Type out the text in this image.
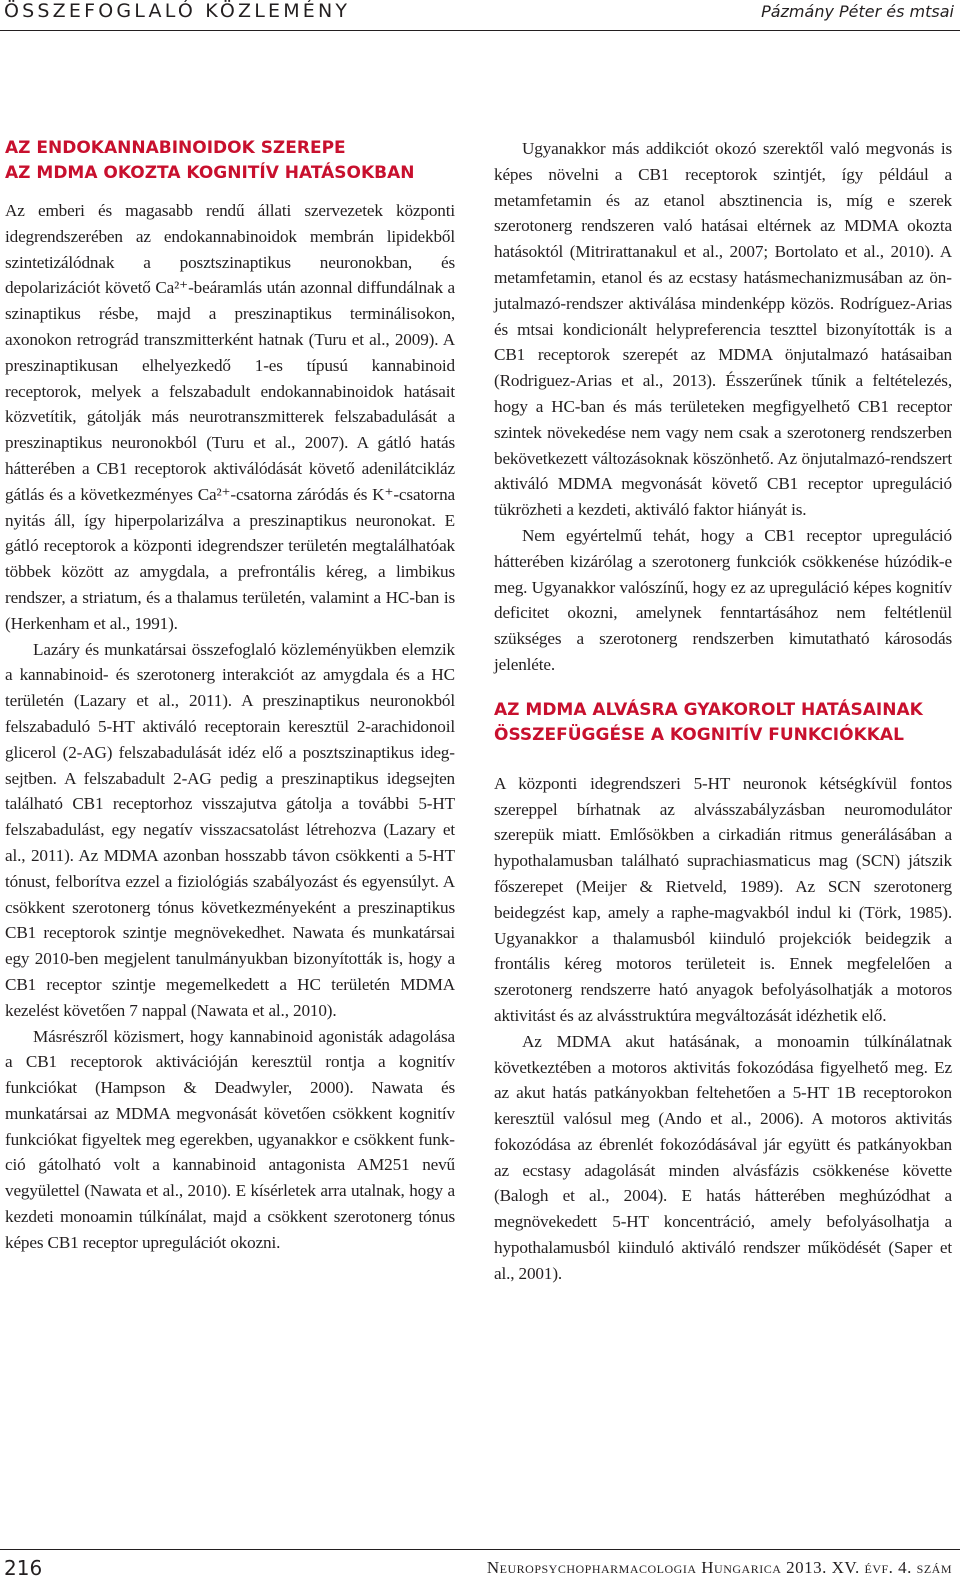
ÖSSZEFOGLALÓ KÖZLEMÉNY	Pázmány Péter és mtsai
AZ ENDOKANNABINOIDOK SZEREPE
AZ MDMA OKOZTA KOGNITÍV HATÁSOKBAN

Az emberi és magasabb rendű állati szervezetek központi idegrendszerében az endokannabinoidok membrán lipidekből szintetizálódnak a posztszinaptikus neuronokban, és depolarizációt követő Ca²⁺-beáramlás után azonnal diffundálnak a szinaptikus résbe, majd a preszinaptikus terminálisokon, axonokon retrográd transzmitterként hatnak (Turu et al., 2009). A preszinaptikusan elhelyezkedő 1-es típusú kannabinoid receptorok, melyek a felszabadult endokannabinoidok hatásait közvetítik, gátolják más neurotranszmitterek felszabadulását a preszinaptikus neuronokból (Turu et al., 2007). A gátló hatás hátterében a CB1 receptorok aktiválódását követő adenilátcikláz gátlás és a következményes Ca²⁺-csatorna záródás és K⁺-csatorna nyitás áll, így hiperpolarizálva a preszinaptikus neuronokat. E gátló receptorok a központi idegrendszer területén megtalálhatóak többek között az amygdala, a prefrontális kéreg, a limbikus rendszer, a striatum, és a thalamus területén, valamint a HC-ban is (Herkenham et al., 1991).

Lazáry és munkatársai összefoglaló közleményükben elemzik a kannabinoid- és szerotonerg interakciót az amygdala és a HC területén (Lazary et al., 2011). A preszinaptikus neuronokból felszabaduló 5-HT aktiváló receptorain keresztül 2-arachidonoil glicerol (2-AG) felszabadulását idéz elő a posztszinaptikus idegsejtben. A felszabadult 2-AG pedig a preszinaptikus idegsejten található CB1 receptorhoz visszajutva gátolja a további 5-HT felszabadulást, egy negatív visszacsatolást létrehozva (Lazary et al., 2011). Az MDMA azonban hosszabb távon csökkenti a 5-HT tónust, felborítva ezzel a fiziológiás szabályozást és egyensúlyt. A csökkent szerotonerg tónus következményeként a preszinaptikus CB1 receptorok szintje megnövekedhet. Nawata és munkatársai egy 2010-ben megjelent tanulmányukban bizonyították is, hogy a CB1 receptor szintje megemelkedett a HC területén MDMA kezelést követően 7 nappal (Nawata et al., 2010).

Másrészről közismert, hogy kannabinoid agonisták adagolása a CB1 receptorok aktivációján keresztül rontja a kognitív funkciókat (Hampson & Deadwyler, 2000). Nawata és munkatársai az MDMA megvonását követően csökkent kognitív funkciókat figyeltek meg egerekben, ugyanakkor e csökkent funkció gátolható volt a kannabinoid antagonista AM251 nevű vegyülettel (Nawata et al., 2010). E kísérletek arra utalnak, hogy a kezdeti monoamin túlkínálat, majd a csökkent szerotonerg tónus képes CB1 receptor upregulációt okozni.

Ugyanakkor más addikciót okozó szerektől való megvonás is képes növelni a CB1 receptorok szintjét, így például a metamfetamin és az etanol absztinencia is, míg e szerek szerotonerg rendszeren való hatásai eltérnek az MDMA okozta hatásoktól (Mitrirattanakul et al., 2007; Bortolato et al., 2010). A metamfetamin, etanol és az ecstasy hatásmechanizmusában az önjutalmazó-rendszer aktiválása mindenképp közös. Rodríguez-Arias és mtsai kondicionált helypreferencia teszttel bizonyították is a CB1 receptorok szerepét az MDMA önjutalmazó hatásaiban (Rodriguez-Arias et al., 2013). Ésszerűnek tűnik a feltételezés, hogy a HC-ban és más területeken megfigyelhető CB1 receptor szintek növekedése nem vagy nem csak a szerotonerg rendszerben bekövetkezett változásoknak köszönhető. Az önjutalmazó-rendszert aktiváló MDMA megvonását követő CB1 receptor upreguláció tükrözheti a kezdeti, aktiváló faktor hiányát is.

Nem egyértelmű tehát, hogy a CB1 receptor upreguláció hátterében kizárólag a szerotonerg funkciók csökkenése húzódik-e meg. Ugyanakkor valószínű, hogy ez az upreguláció képes kognitív deficitet okozni, amelynek fenntartásához nem feltétlenül szükséges a szerotonerg rendszerben kimutatható károsodás jelenléte.

AZ MDMA ALVÁSRA GYAKOROLT HATÁSAINAK
ÖSSZEFÜGGÉSE A KOGNITÍV FUNKCIÓKKAL

A központi idegrendszeri 5-HT neuronok kétségkívül fontos szereppel bírhatnak az alvásszabályzásban neuromodulátor szerepük miatt. Emlősökben a cirkadián ritmus generálásában a hypothalamusban található suprachiasmaticus mag (SCN) játszik főszerepet (Meijer & Rietveld, 1989). Az SCN szerotonerg beidegzést kap, amely a raphe-magvakból indul ki (Törk, 1985). Ugyanakkor a thalamusból kiinduló projekciók beidegzik a frontális kéreg motoros területeit is. Ennek megfelelően a szerotonerg rendszerre ható anyagok befolyásolhatják a motoros aktivitást és az alvásstruktúra megváltozását idézhetik elő.

Az MDMA akut hatásának, a monoamin túlkínálatnak következtében a motoros aktivitás fokozódása figyelhető meg. Ez az akut hatás patkányokban feltehetően a 5-HT 1B receptorokon keresztül valósul meg (Ando et al., 2006). A motoros aktivitás fokozódása az ébrenlét fokozódásával jár együtt és patkányokban az ecstasy adagolását minden alvásfázis csökkenése követte (Balogh et al., 2004). E hatás hátterében meghúzódhat a megnövekedett 5-HT koncentráció, amely befolyásolhatja a hypothalamusból kiinduló aktiváló rendszer működését (Saper et al., 2001).

216	Neuropsychopharmacologia Hungarica 2013. XV. évf. 4. szám
